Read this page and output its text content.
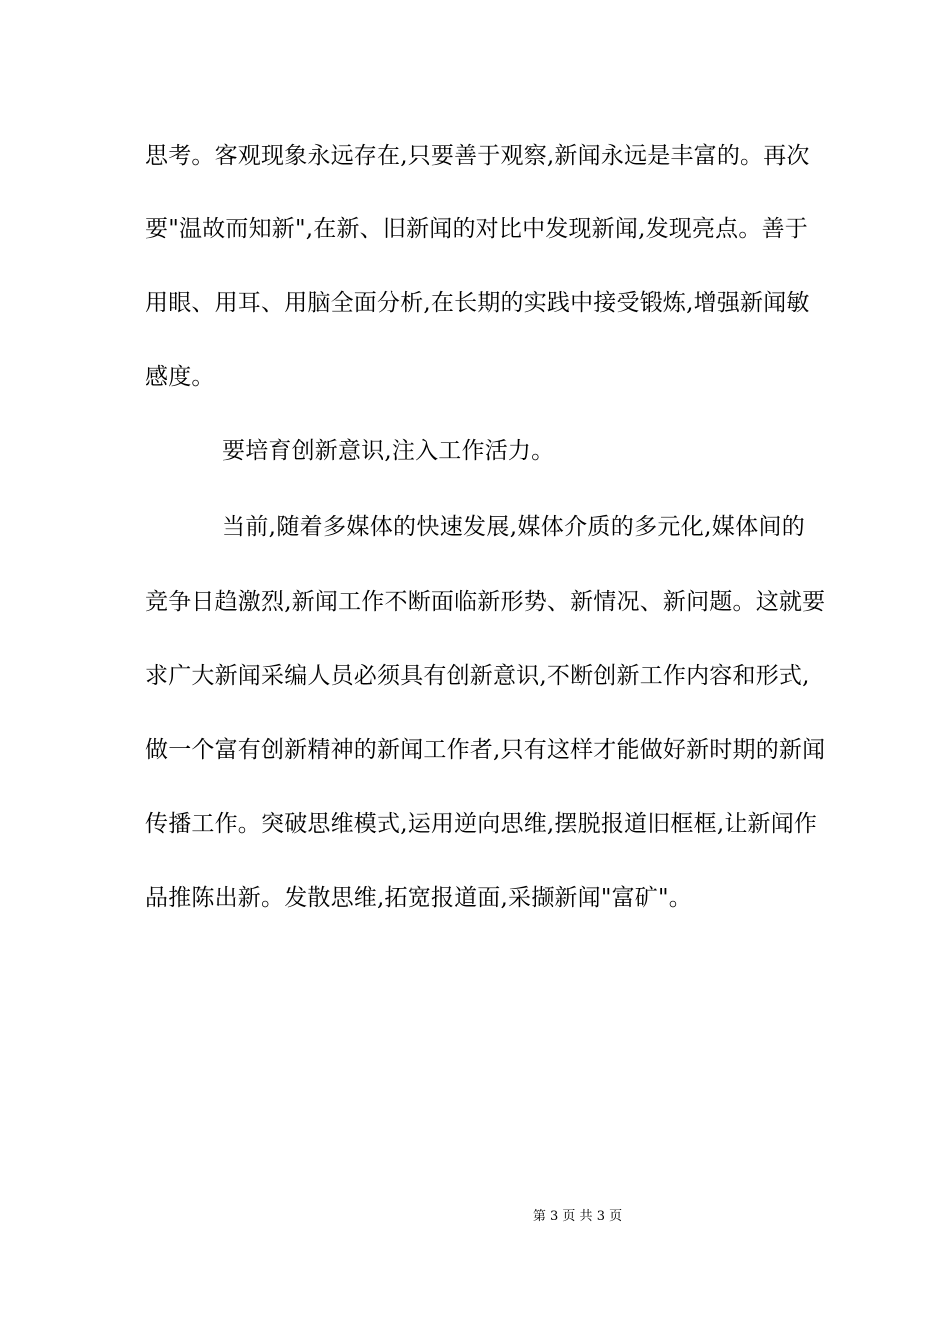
思考。客观现象永远存在,只要善于观察,新闻永远是丰富的。再次
要"温故而知新",在新、旧新闻的对比中发现新闻,发现亮点。善于
用眼、用耳、用脑全面分析,在长期的实践中接受锻炼,增强新闻敏
感度。
要培育创新意识,注入工作活力。
当前,随着多媒体的快速发展,媒体介质的多元化,媒体间的
竞争日趋激烈,新闻工作不断面临新形势、新情况、新问题。这就要
求广大新闻采编人员必须具有创新意识,不断创新工作内容和形式,
做一个富有创新精神的新闻工作者,只有这样才能做好新时期的新闻
传播工作。突破思维模式,运用逆向思维,摆脱报道旧框框,让新闻作
品推陈出新。发散思维,拓宽报道面,采撷新闻"富矿"。
第 3 页 共 3 页
